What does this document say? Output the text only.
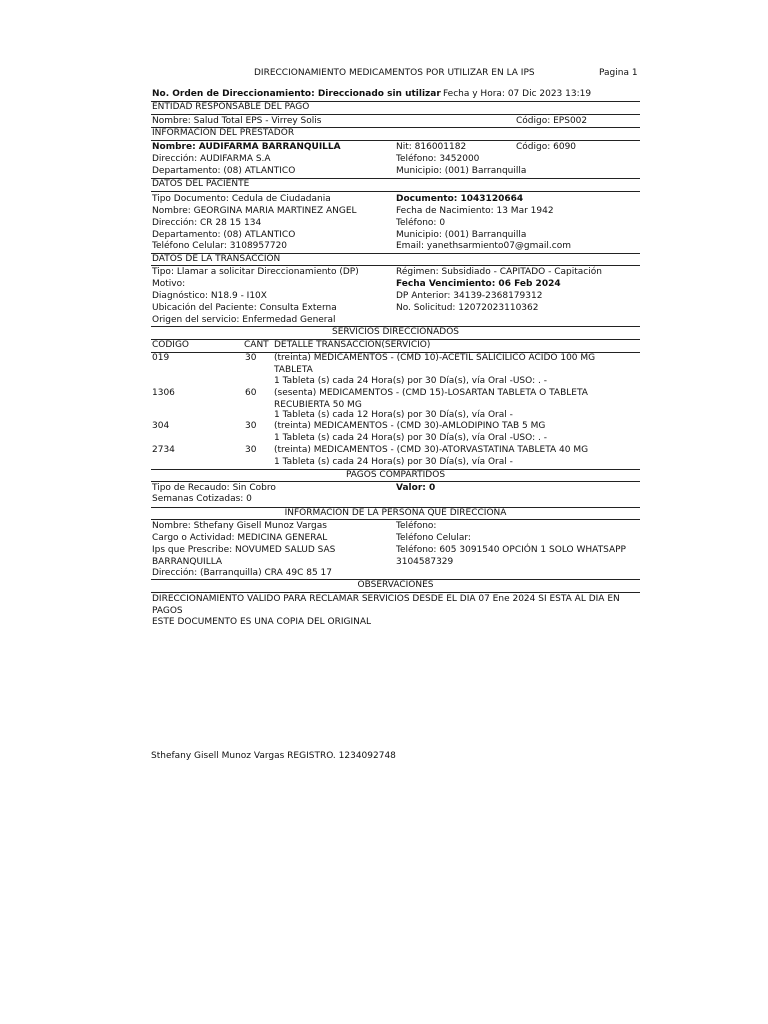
DIRECCIONAMIENTO MEDICAMENTOS POR UTILIZAR EN LA IPS	Pagina 1
No. Orden de Direccionamiento: Direccionado sin utilizar Fecha y Hora: 07 Dic 2023 13:19
ENTIDAD RESPONSABLE DEL PAGO
Nombre: Salud Total EPS - Virrey Solis	Código: EPS002
INFORMACION DEL PRESTADOR
Nombre: AUDIFARMA BARRANQUILLA	Nit: 816001182	Código: 6090
Dirección: AUDIFARMA S.A	Teléfono: 3452000
Departamento: (08) ATLANTICO	Municipio: (001) Barranquilla
DATOS DEL PACIENTE
Tipo Documento: Cedula de Ciudadania	Documento: 1043120664
Nombre: GEORGINA MARIA MARTINEZ ANGEL	Fecha de Nacimiento: 13 Mar 1942
Dirección: CR 28 15 134	Teléfono: 0
Departamento: (08) ATLANTICO	Municipio: (001) Barranquilla
Teléfono Celular: 3108957720	Email: yanethsarmiento07@gmail.com
DATOS DE LA TRANSACCION
Tipo: Llamar a solicitar Direccionamiento (DP)	Régimen: Subsidiado - CAPITADO - Capitación
Motivo:	Fecha Vencimiento: 06 Feb 2024
Diagnóstico: N18.9 - I10X	DP Anterior: 34139-2368179312
Ubicación del Paciente: Consulta Externa	No. Solicitud: 12072023110362
Origen del servicio: Enfermedad General
SERVICIOS DIRECCIONADOS
CODIGO	CANT DETALLE TRANSACCION(SERVICIO)
019	30 (treinta) MEDICAMENTOS - (CMD 10)-ACETIL SALICILICO ACIDO 100 MG TABLETA
1 Tableta (s) cada 24 Hora(s) por 30 Día(s), vía Oral -USO: . -
1306	60 (sesenta) MEDICAMENTOS - (CMD 15)-LOSARTAN TABLETA O TABLETA RECUBIERTA 50 MG
1 Tableta (s) cada 12 Hora(s) por 30 Día(s), vía Oral -
304	30 (treinta) MEDICAMENTOS - (CMD 30)-AMLODIPINO TAB 5 MG
1 Tableta (s) cada 24 Hora(s) por 30 Día(s), vía Oral -USO: . -
2734	30 (treinta) MEDICAMENTOS - (CMD 30)-ATORVASTATINA TABLETA 40 MG
1 Tableta (s) cada 24 Hora(s) por 30 Día(s), vía Oral -
PAGOS COMPARTIDOS
Tipo de Recaudo: Sin Cobro	Valor: 0
Semanas Cotizadas: 0
INFORMACION DE LA PERSONA QUE DIRECCIONA
Nombre: Sthefany Gisell Munoz Vargas	Teléfono:
Cargo o Actividad: MEDICINA GENERAL	Teléfono Celular:
Ips que Prescribe: NOVUMED SALUD SAS BARRANQUILLA
Teléfono: 605 3091540 OPCIÓN 1 SOLO WHATSAPP 3104587329
Dirección: (Barranquilla) CRA 49C 85 17
OBSERVACIONES
DIRECCIONAMIENTO VALIDO PARA RECLAMAR SERVICIOS DESDE EL DIA 07 Ene 2024 SI ESTA AL DIA EN PAGOS
ESTE DOCUMENTO ES UNA COPIA DEL ORIGINAL
Sthefany Gisell Munoz Vargas REGISTRO. 1234092748
